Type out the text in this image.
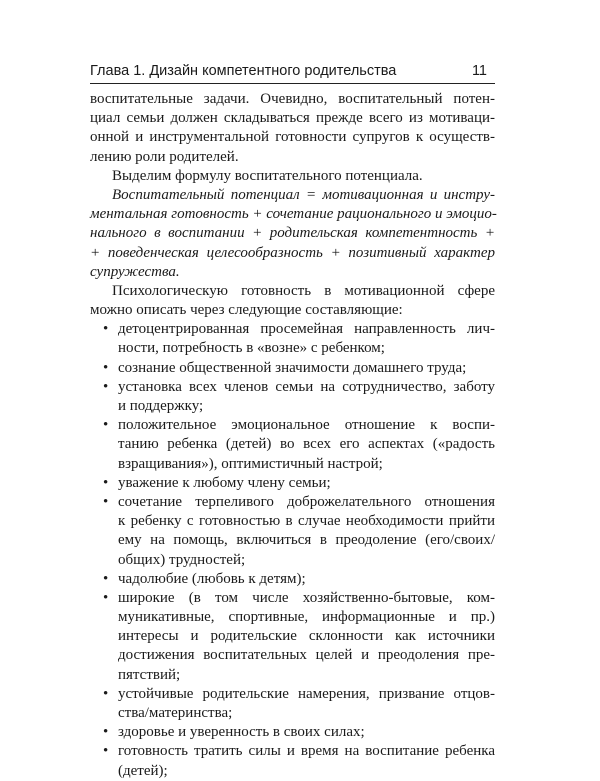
Глава 1. Дизайн компетентного родительства	11
воспитательные задачи. Очевидно, воспитательный потен-
циал семьи должен складываться прежде всего из мотиваци-
онной и инструментальной готовности супругов к осуществ-
лению роли родителей.
Выделим формулу воспитательного потенциала.
Воспитательный потенциал = мотивационная и инстру-
ментальная готовность + сочетание рационального и эмоцио-
нального в воспитании + родительская компетентность +
+ поведенческая целесообразность + позитивный характер
супружества.
Психологическую готовность в мотивационной сфере
можно описать через следующие составляющие:
• детоцентрированная просемейная направленность лич-
ности, потребность в «возне» с ребенком;
• сознание общественной значимости домашнего труда;
• установка всех членов семьи на сотрудничество, заботу
и поддержку;
• положительное эмоциональное отношение к воспи-
танию ребенка (детей) во всех его аспектах («радость
взращивания»), оптимистичный настрой;
• уважение к любому члену семьи;
• сочетание терпеливого доброжелательного отношения
к ребенку с готовностью в случае необходимости прийти
ему на помощь, включиться в преодоление (его/своих/
общих) трудностей;
• чадолюбие (любовь к детям);
• широкие (в том числе хозяйственно-бытовые, ком-
муникативные, спортивные, информационные и пр.)
интересы и родительские склонности как источники
достижения воспитательных целей и преодоления пре-
пятствий;
• устойчивые родительские намерения, призвание отцов-
ства/материнства;
• здоровье и уверенность в своих силах;
• готовность тратить силы и время на воспитание ребенка
(детей);
